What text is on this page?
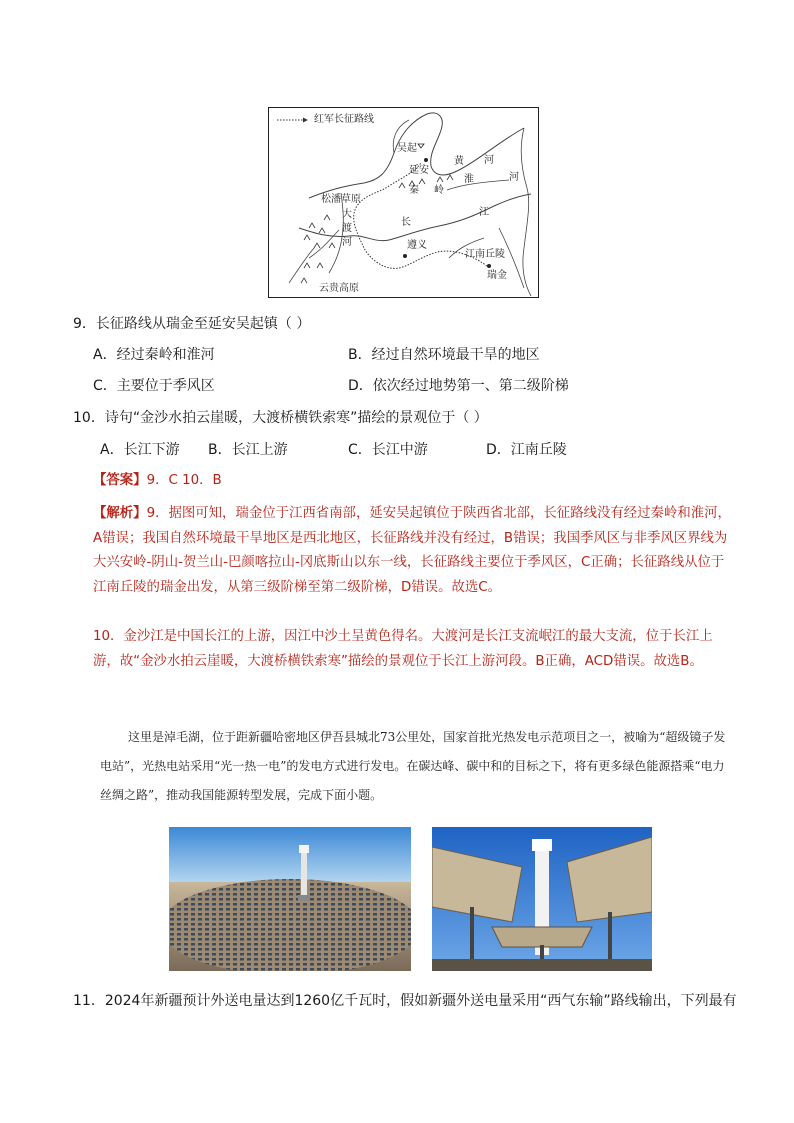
红军长征路线
吴起
延安
黄 河
秦 岭
淮	河
松潘草原
大
渡
河
长
江
遵义
江南丘陵
瑞金
云贵高原
9．长征路线从瑞金至延安吴起镇（ ）
A．经过秦岭和淮河	B．经过自然环境最干旱的地区
C．主要位于季风区	D．依次经过地势第一、第二级阶梯
10．诗句“金沙水拍云崖暖，大渡桥横铁索寒”描绘的景观位于（ ）
A．长江下游 B．长江上游	C．长江中游	D．江南丘陵
【答案】9．C 10．B
【解析】9．据图可知，瑞金位于江西省南部，延安吴起镇位于陕西省北部，长征路线没有经过秦岭和淮河，A错误；我国自然环境最干旱地区是西北地区，长征路线并没有经过，B错误；我国季风区与非季风区界线为大兴安岭-阴山-贺兰山-巴颜喀拉山-冈底斯山以东一线，长征路线主要位于季风区，C正确；长征路线从位于江南丘陵的瑞金出发，从第三级阶梯至第二级阶梯，D错误。故选C。
10．金沙江是中国长江的上游，因江中沙土呈黄色得名。大渡河是长江支流岷江的最大支流，位于长江上游，故“金沙水拍云崖暖，大渡桥横铁索寒”描绘的景观位于长江上游河段。B正确，ACD错误。故选B。
这里是淖毛湖，位于距新疆哈密地区伊吾县城北73公里处，国家首批光热发电示范项目之一，被喻为“超级镜子发电站”，光热电站采用“光一热一电”的发电方式进行发电。在碳达峰、碳中和的目标之下，将有更多绿色能源搭乘“电力丝绸之路”，推动我国能源转型发展，完成下面小题。
11．2024年新疆预计外送电量达到1260亿千瓦时，假如新疆外送电量采用“西气东输”路线输出，下列最有
